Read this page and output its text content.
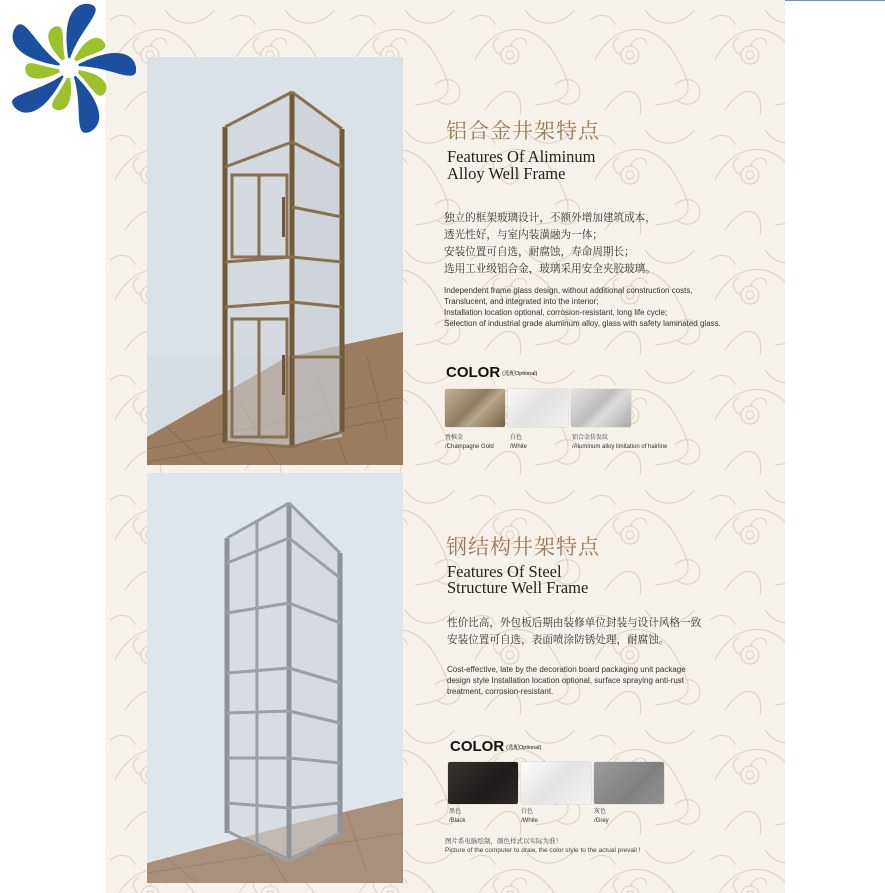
铝合金井架特点
Features Of Aliminum
Alloy Well Frame
独立的框架玻璃设计，不额外增加建筑成本，
透光性好，与室内装潢融为一体；
安装位置可自选，耐腐蚀，寿命周期长；
选用工业级铝合金，玻璃采用安全夹胶玻璃。
Independent frame glass design, without additional construction costs,
Translucent, and integrated into the interior;
Installation location optional, corrosion-resistant, long life cycle;
Selection of industrial grade aluminum alloy, glass with safety laminated glass.
COLOR (选配Optional)
香槟金
/Champagne Gold
白色
/White
铝合金仿发纹
/Aluminum alloy limitation of hairline
钢结构井架特点
Features Of Steel
Structure Well Frame
性价比高，外包板后期由装修单位封装与设计风格一致
安装位置可自选，表面喷涂防锈处理，耐腐蚀。
Cost-effective, late by the decoration board packaging unit package
design style Installation location optional, surface spraying anti-rust
treatment, corrosion-resistant.
COLOR (选配Optional)
黑色
/Black
白色
/White
灰色
/Grey
图片系电脑绘制，颜色样式以实际为准！
Picture of the computer to draw, the color style to the actual prevail !
